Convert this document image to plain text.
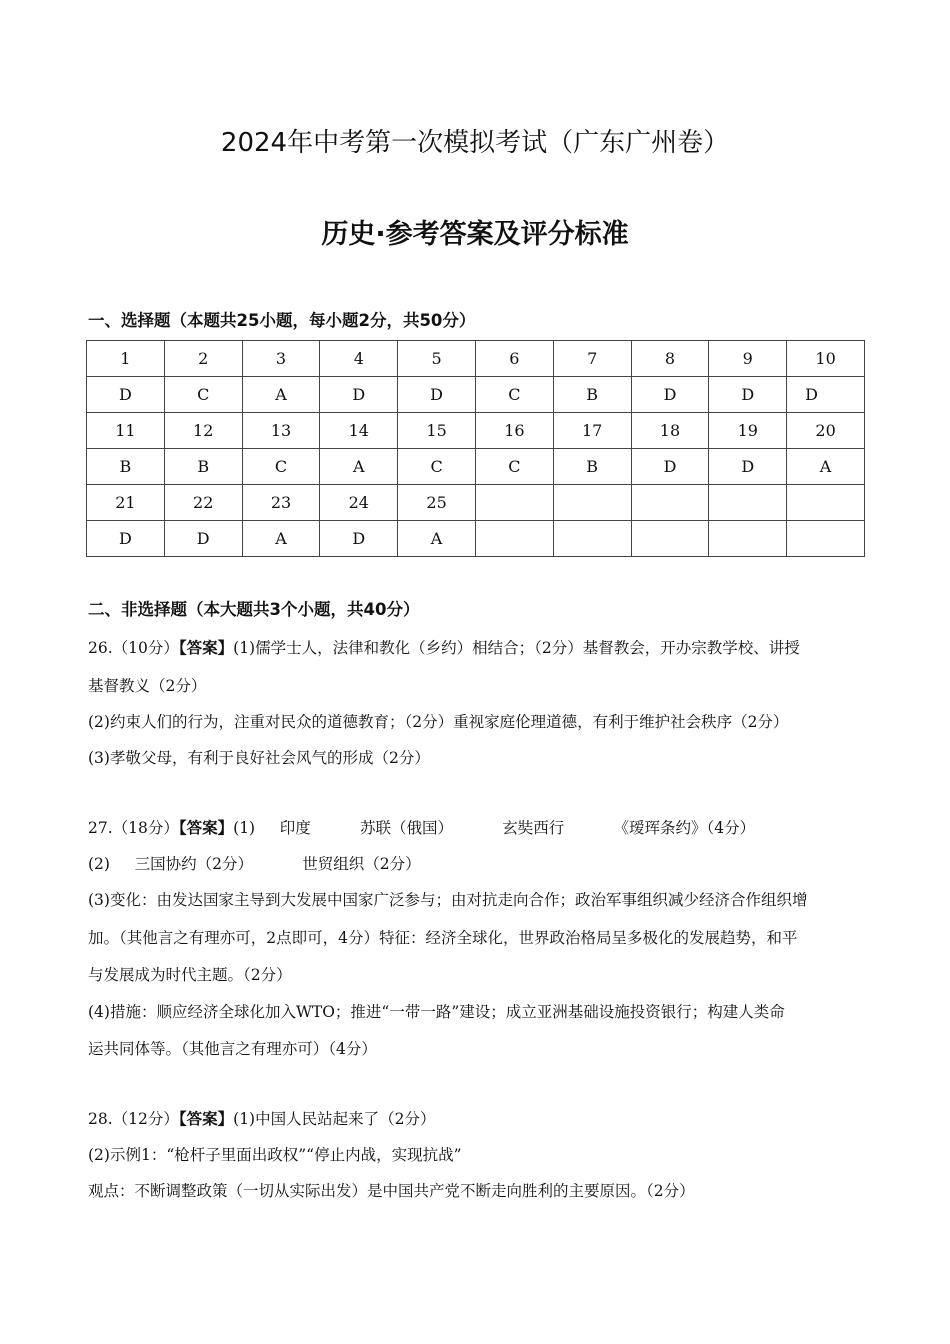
2024年中考第一次模拟考试（广东广州卷）
历史·参考答案及评分标准
一、选择题（本题共25小题，每小题2分，共50分）
1	2	3	4	5	6	7	8	9	10
D	C	A	D	D	C	B	D	D	D
11	12	13	14	15	16	17	18	19	20
B	B	C	A	C	C	B	D	D	A
21	22	23	24	25					
D	D	A	D	A					
二、非选择题（本大题共3个小题，共40分）
26.（10分）【答案】(1)儒学士人，法律和教化（乡约）相结合；（2分）基督教会，开办宗教学校、讲授
基督教义（2分）
(2)约束人们的行为，注重对民众的道德教育；（2分）重视家庭伦理道德，有利于维护社会秩序（2分）
(3)孝敬父母，有利于良好社会风气的形成（2分）
27.（18分）【答案】(1)     印度          苏联（俄国）          玄奘西行          《瑷珲条约》（4分）
(2)     三国协约（2分）          世贸组织（2分）
(3)变化：由发达国家主导到大发展中国家广泛参与；由对抗走向合作；政治军事组织减少经济合作组织增
加。（其他言之有理亦可，2点即可，4分）特征：经济全球化，世界政治格局呈多极化的发展趋势，和平
与发展成为时代主题。（2分）
(4)措施：顺应经济全球化加入WTO；推进“一带一路”建设；成立亚洲基础设施投资银行；构建人类命
运共同体等。（其他言之有理亦可）（4分）
28.（12分）【答案】(1)中国人民站起来了（2分）
(2)示例1：“枪杆子里面出政权”“停止内战，实现抗战”
观点：不断调整政策（一切从实际出发）是中国共产党不断走向胜利的主要原因。（2分）
